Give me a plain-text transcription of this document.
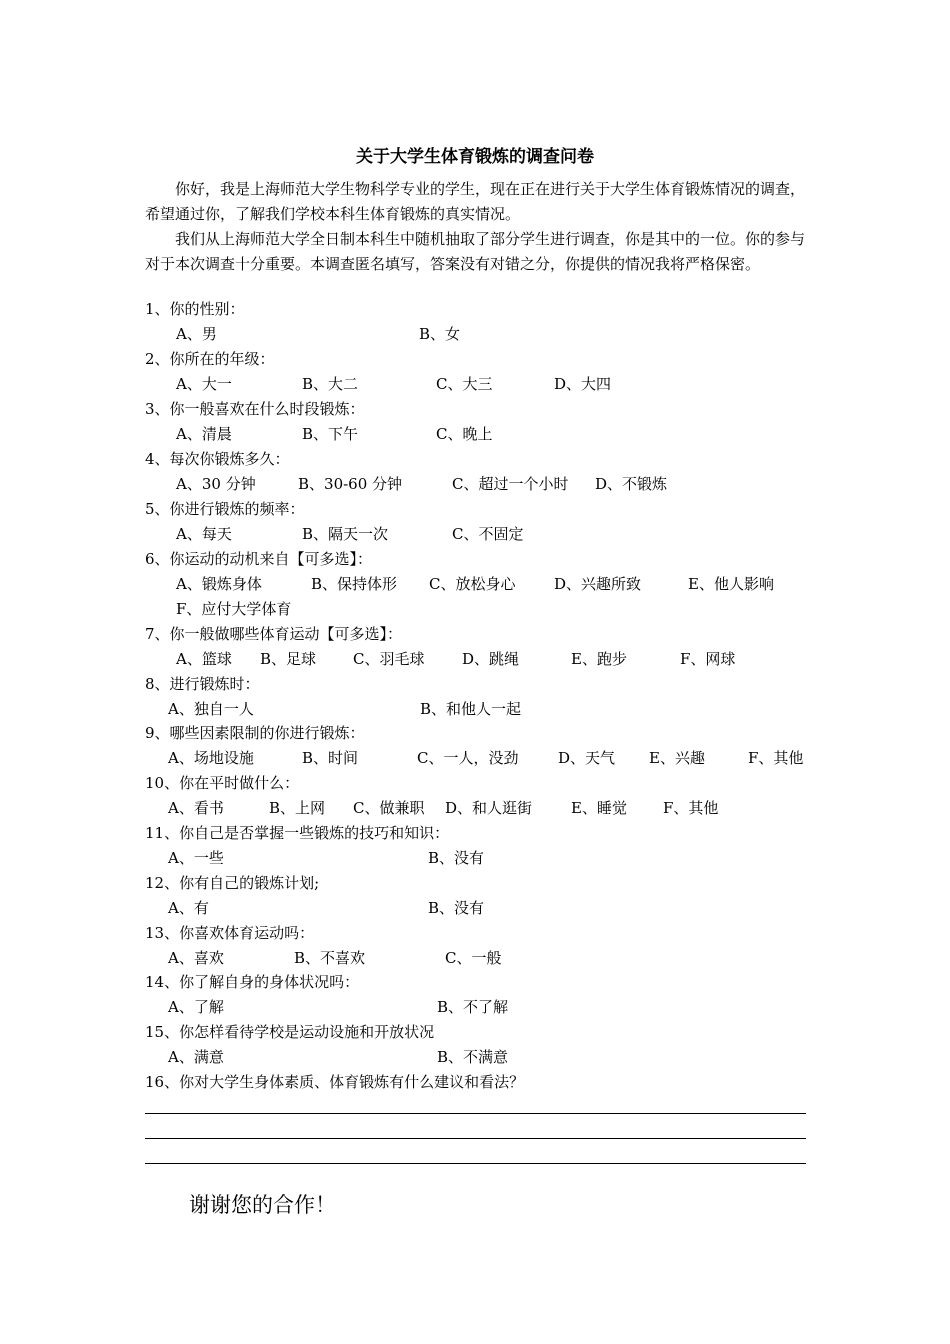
关于大学生体育锻炼的调查问卷

你好，我是上海师范大学生物科学专业的学生，现在正在进行关于大学生体育锻炼情况的调查，希望通过你，了解我们学校本科生体育锻炼的真实情况。

我们从上海师范大学全日制本科生中随机抽取了部分学生进行调查，你是其中的一位。你的参与对于本次调查十分重要。本调查匿名填写，答案没有对错之分，你提供的情况我将严格保密。

1、你的性别：
A、男	B、女
2、你所在的年级：
A、大一	B、大二	C、大三	D、大四
3、你一般喜欢在什么时段锻炼：
A、清晨	B、下午	C、晚上
4、每次你锻炼多久：
A、30 分钟	B、30-60 分钟	C、超过一个小时 D、不锻炼
5、你进行锻炼的频率：
A、每天	B、隔天一次	C、不固定
6、你运动的动机来自【可多选】：
A、锻炼身体	B、保持体形 C、放松身心	D、兴趣所致	E、他人影响
F、应付大学体育
7、你一般做哪些体育运动【可多选】：
A、篮球 B、足球 C、羽毛球	D、跳绳	E、跑步	F、网球
8、进行锻炼时：
A、独自一人	B、和他人一起
9、哪些因素限制的你进行锻炼：
A、场地设施	B、时间	C、一人，没劲	D、天气 E、兴趣	F、其他
10、你在平时做什么：
A、看书	B、上网 C、做兼职 D、和人逛街	E、睡觉 F、其他
11、你自己是否掌握一些锻炼的技巧和知识：
A、一些	B、没有
12、你有自己的锻炼计划;
A、有	B、没有
13、你喜欢体育运动吗：
A、喜欢	B、不喜欢	C、一般
14、你了解自身的身体状况吗：
A、了解	B、不了解
15、你怎样看待学校是运动设施和开放状况
A、满意	B、不满意
16、你对大学生身体素质、体育锻炼有什么建议和看法？
谢谢您的合作！
